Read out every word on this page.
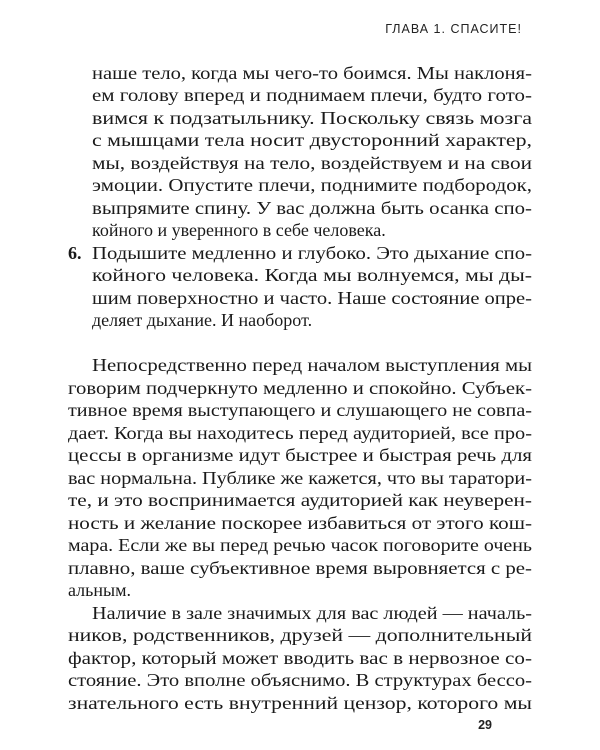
ГЛАВА 1. СПАСИТЕ!
наше тело, когда мы чего-то боимся. Мы наклоня-
ем голову вперед и поднимаем плечи, будто гото-
вимся к подзатыльнику. Поскольку связь мозга
с мышцами тела носит двусторонний характер,
мы, воздействуя на тело, воздействуем и на свои
эмоции. Опустите плечи, поднимите подбородок,
выпрямите спину. У вас должна быть осанка спо-
койного и уверенного в себе человека.
6. Подышите медленно и глубоко. Это дыхание спо-
койного человека. Когда мы волнуемся, мы ды-
шим поверхностно и часто. Наше состояние опре-
деляет дыхание. И наоборот.
Непосредственно перед началом выступления мы
говорим подчеркнуто медленно и спокойно. Субъек-
тивное время выступающего и слушающего не совпа-
дает. Когда вы находитесь перед аудиторией, все про-
цессы в организме идут быстрее и быстрая речь для
вас нормальна. Публике же кажется, что вы таратори-
те, и это воспринимается аудиторией как неуверен-
ность и желание поскорее избавиться от этого кош-
мара. Если же вы перед речью часок поговорите очень
плавно, ваше субъективное время выровняется с ре-
альным.
Наличие в зале значимых для вас людей — началь-
ников, родственников, друзей — дополнительный
фактор, который может вводить вас в нервозное со-
стояние. Это вполне объяснимо. В структурах бессо-
знательного есть внутренний цензор, которого мы
29
